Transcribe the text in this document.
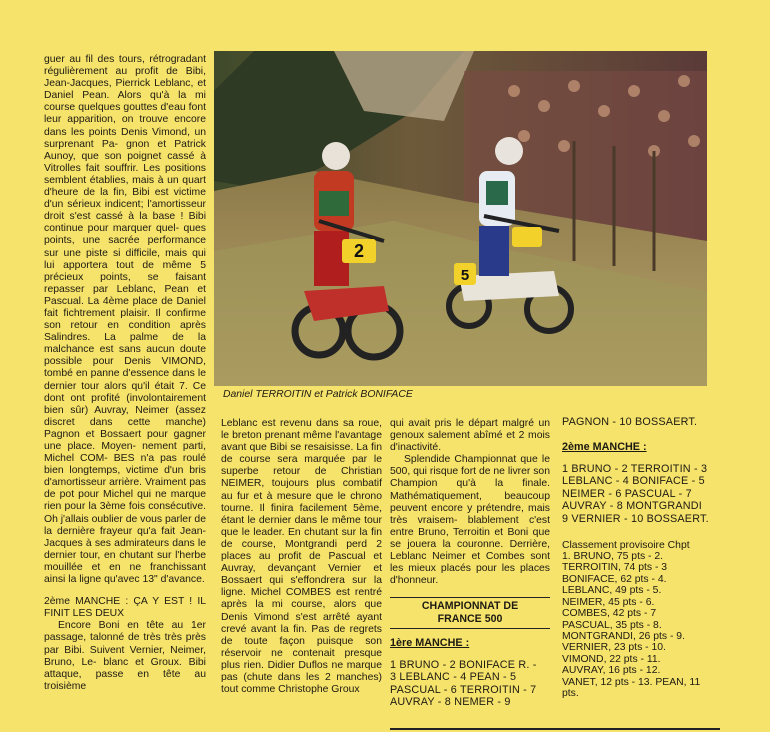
guer au fil des tours, rétrogradant régulièrement au profit de Bibi, Jean-Jacques, Pierrick Leblanc, et Daniel Pean. Alors qu'à la mi course quelques gouttes d'eau font leur apparition, on trouve encore dans les points Denis Vimond, un surprenant Pa- gnon et Patrick Aunoy, que son poignet cassé à Vitrolles fait souffrir. Les positions semblent établies, mais à un quart d'heure de la fin, Bibi est victime d'un sérieux indicent; l'amortisseur droit s'est cassé à la base ! Bibi continue pour marquer quel- ques points, une sacrée performance sur une piste si difficile, mais qui lui apportera tout de même 5 précieux points, se faisant repasser par Leblanc, Pean et Pascual. La 4ème place de Daniel fait fichtrement plaisir. Il confirme son retour en condition après Salindres. La palme de la malchance est sans aucun doute possible pour Denis VIMOND, tombé en panne d'essence dans le dernier tour alors qu'il était 7. Ce dont ont profité (involontairement bien sûr) Auvray, Neimer (assez discret dans cette manche) Pagnon et Bossaert pour gagner une place. Moyen- nement parti, Michel COM- BES n'a pas roulé bien longtemps, victime d'un bris d'amortisseur arrière. Vraiment pas de pot pour Michel qui ne marque rien pour la 3ème fois consécutive. Oh j'allais oublier de vous parler de la dernière frayeur qu'a fait Jean-Jacques à ses admirateurs dans le dernier tour, en chutant sur l'herbe mouillée et en ne franchissant ainsi la ligne qu'avec 13" d'avance.

2ème MANCHE : ÇA Y EST ! IL FINIT LES DEUX

Encore Boni en tête au 1er passage, talonné de très très près par Bibi. Suivent Vernier, Neimer, Bruno, Le- blanc et Groux. Bibi attaque, passe en tête au troisième

2
5
Daniel TERROITIN et Patrick BONIFACE

Leblanc est revenu dans sa roue, le breton prenant même l'avantage avant que Bibi se resaisisse. La fin de course sera marquée par le superbe retour de Christian NEIMER, toujours plus combatif au fur et à mesure que le chrono tourne. Il finira facilement 5ème, étant le dernier dans le même tour que le leader. En chutant sur la fin de course, Montgrandi perd 2 places au profit de Pascual et Auvray, devançant Vernier et Bossaert qui s'effondrera sur la ligne. Michel COMBES est rentré après la mi course, alors que Denis Vimond s'est arrêté ayant crevé avant la fin. Pas de regrets de toute façon puisque son réservoir ne contenait presque plus rien. Didier Duflos ne marque pas (chute dans les 2 manches) tout comme Christophe Groux

qui avait pris le départ malgré un genoux salement abîmé et 2 mois d'inactivité.

Splendide Championnat que le 500, qui risque fort de ne livrer son Champion qu'à la finale. Mathématiquement, beaucoup peuvent encore y prétendre, mais très vraisem- blablement c'est entre Bruno, Terroitin et Boni que se jouera la couronne. Derrière, Leblanc Neimer et Combes sont les mieux placés pour les places d'honneur.

CHAMPIONNAT DE
FRANCE 500
1ère MANCHE :
1 BRUNO - 2 BONIFACE R. -
3 LEBLANC - 4 PEAN - 5
PASCUAL - 6 TERROITIN - 7
AUVRAY - 8 NEMER - 9
PAGNON - 10 BOSSAERT.
2ème MANCHE :
1 BRUNO - 2 TERROITIN - 3
LEBLANC - 4 BONIFACE - 5
NEIMER - 6 PASCUAL - 7
AUVRAY - 8 MONTGRANDI
9 VERNIER - 10 BOSSAERT.
Classement provisoire Chpt
1. BRUNO, 75 pts - 2.
TERROITIN, 74 pts - 3
BONIFACE, 62 pts - 4.
LEBLANC, 49 pts - 5.
NEIMER, 45 pts - 6.
COMBES, 42 pts - 7
PASCUAL, 35 pts - 8.
MONTGRANDI, 26 pts - 9.
VERNIER, 23 pts - 10.
VIMOND, 22 pts - 11.
AUVRAY, 16 pts - 12.
VANET, 12 pts - 13. PEAN, 11
pts.
